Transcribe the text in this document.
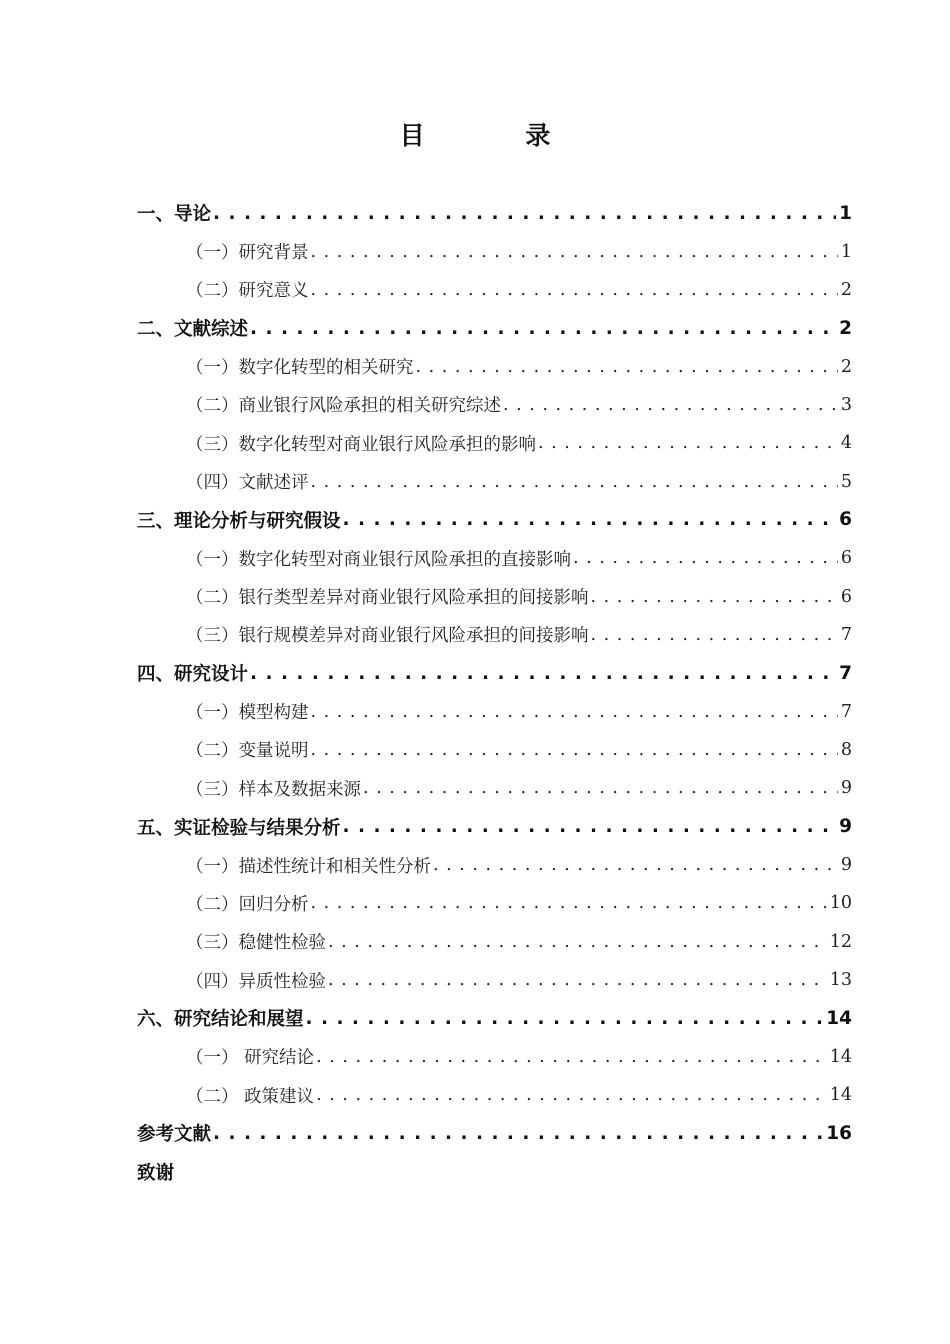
目 录
一、导论 . . .	1
（一）研究背景 . . .	1
（二）研究意义 . . .	2
二、文献综述 . . .	2
（一）数字化转型的相关研究 . . .	2
（二）商业银行风险承担的相关研究综述 . . .	3
（三）数字化转型对商业银行风险承担的影响 . . .	4
（四）文献述评 . . .	5
三、理论分析与研究假设 . . .	6
（一）数字化转型对商业银行风险承担的直接影响 . . .	6
（二）银行类型差异对商业银行风险承担的间接影响 . . .	6
（三）银行规模差异对商业银行风险承担的间接影响 . . .	7
四、研究设计 . . .	7
（一）模型构建 . . .	7
（二）变量说明 . . .	8
（三）样本及数据来源 . . .	9
五、实证检验与结果分析 . . .	9
（一）描述性统计和相关性分析 . . .	9
（二）回归分析 . . .	10
（三）稳健性检验 . . .	12
（四）异质性检验 . . .	13
六、研究结论和展望 . . .	14
（一） 研究结论 . . .	14
（二） 政策建议 . . .	14
参考文献 . . .	16
致谢
